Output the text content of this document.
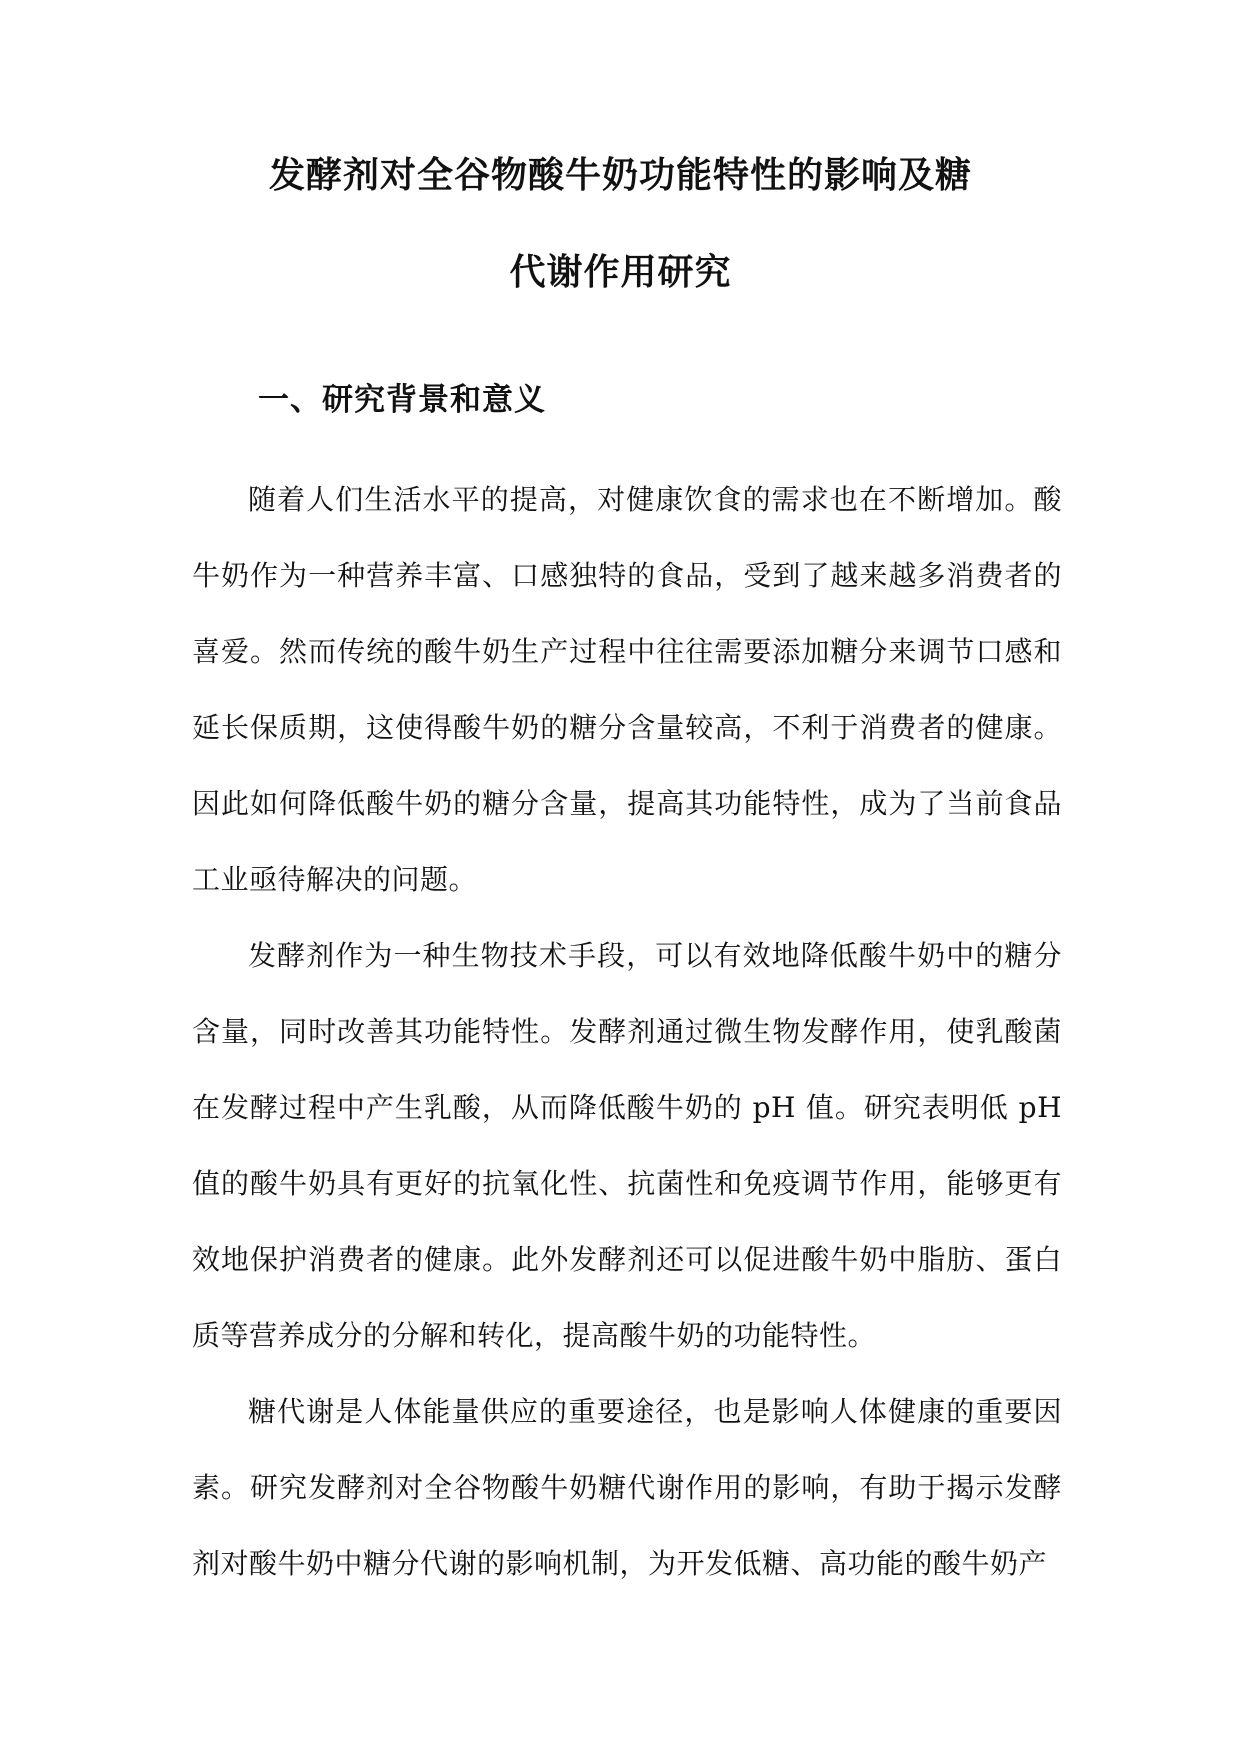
发酵剂对全谷物酸牛奶功能特性的影响及糖
代谢作用研究
一、研究背景和意义

随着人们生活水平的提高，对健康饮食的需求也在不断增加。酸牛奶作为一种营养丰富、口感独特的食品，受到了越来越多消费者的喜爱。然而传统的酸牛奶生产过程中往往需要添加糖分来调节口感和延长保质期，这使得酸牛奶的糖分含量较高，不利于消费者的健康。因此如何降低酸牛奶的糖分含量，提高其功能特性，成为了当前食品工业亟待解决的问题。

发酵剂作为一种生物技术手段，可以有效地降低酸牛奶中的糖分含量，同时改善其功能特性。发酵剂通过微生物发酵作用，使乳酸菌在发酵过程中产生乳酸，从而降低酸牛奶的 pH 值。研究表明低 pH 值的酸牛奶具有更好的抗氧化性、抗菌性和免疫调节作用，能够更有效地保护消费者的健康。此外发酵剂还可以促进酸牛奶中脂肪、蛋白质等营养成分的分解和转化，提高酸牛奶的功能特性。

糖代谢是人体能量供应的重要途径，也是影响人体健康的重要因素。研究发酵剂对全谷物酸牛奶糖代谢作用的影响，有助于揭示发酵剂对酸牛奶中糖分代谢的影响机制，为开发低糖、高功能的酸牛奶产
